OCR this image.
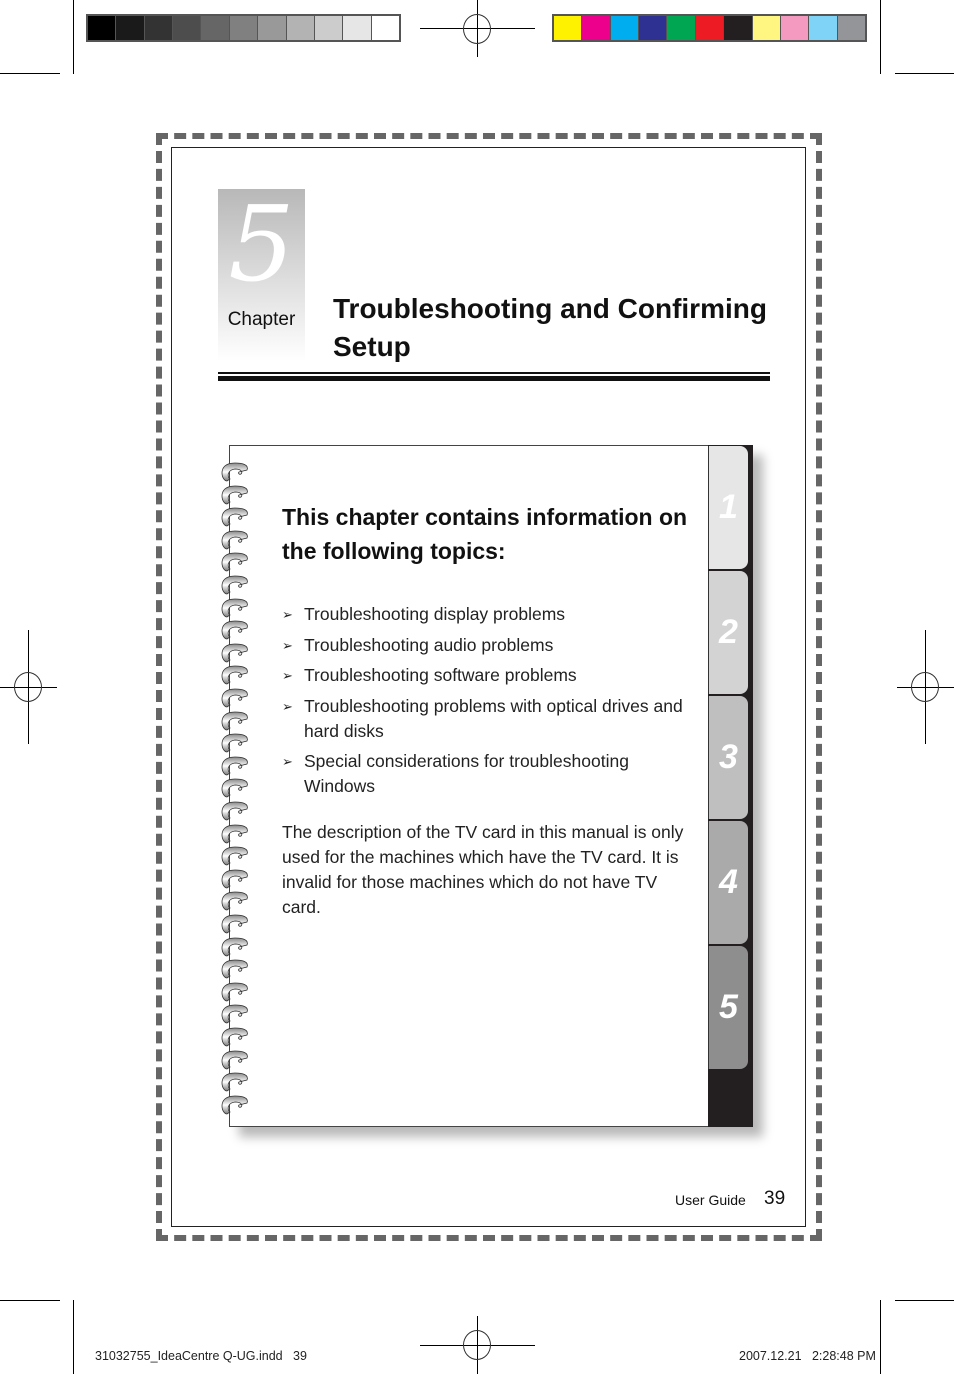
5
Chapter	Troubleshooting and Confirming Setup
1
2
3
4
5
This chapter contains information on the following topics:
➢ Troubleshooting display problems
➢ Troubleshooting audio problems
➢ Troubleshooting software problems
➢ Troubleshooting problems with optical drives and hard disks
➢ Special considerations for troubleshooting Windows
The description of the TV card in this manual is only used for the machines which have the TV card. It is invalid for those machines which do not have TV card.
User Guide 39
31032755_IdeaCentre Q-UG.indd   39	2007.12.21   2:28:48 PM
